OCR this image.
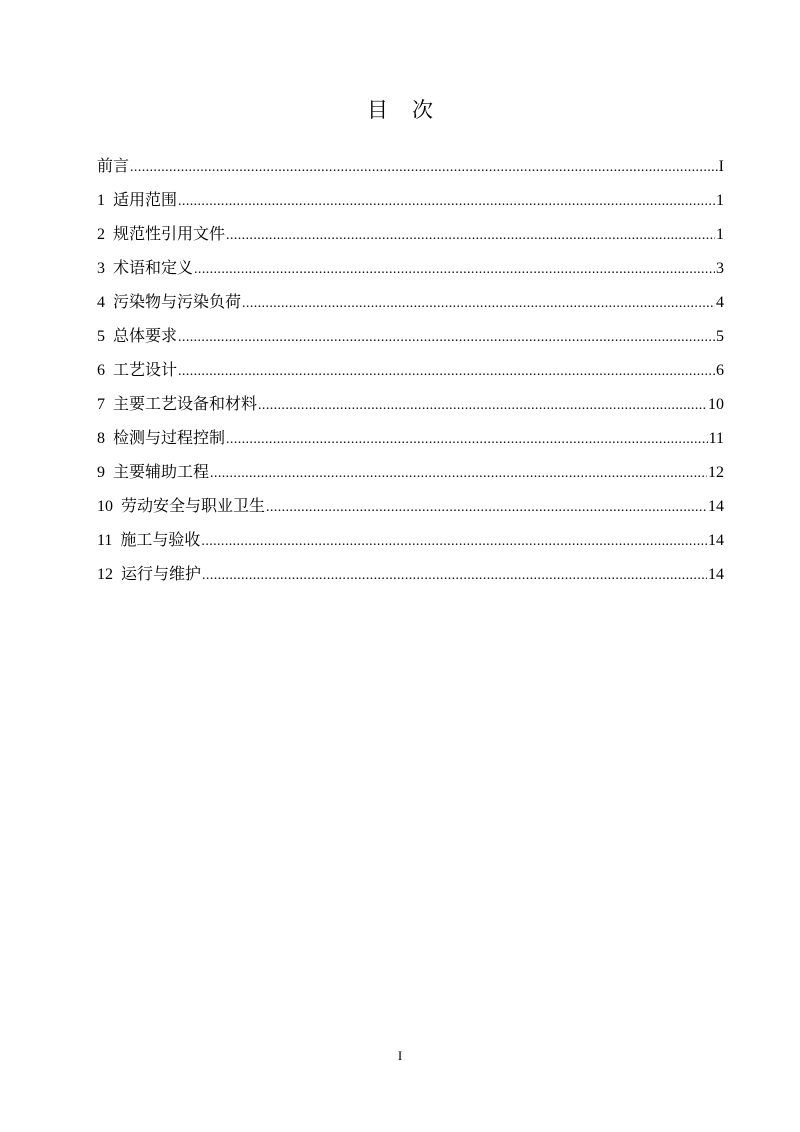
目 次
前言 .....	I
1 适用范围 .....	1
2 规范性引用文件 .....	1
3 术语和定义 .....	3
4 污染物与污染负荷 .....	4
5 总体要求 .....	5
6 工艺设计 .....	6
7 主要工艺设备和材料 .....	10
8 检测与过程控制 .....	11
9 主要辅助工程 .....	12
10 劳动安全与职业卫生 .....	14
11 施工与验收 .....	14
12 运行与维护 .....	14
I
